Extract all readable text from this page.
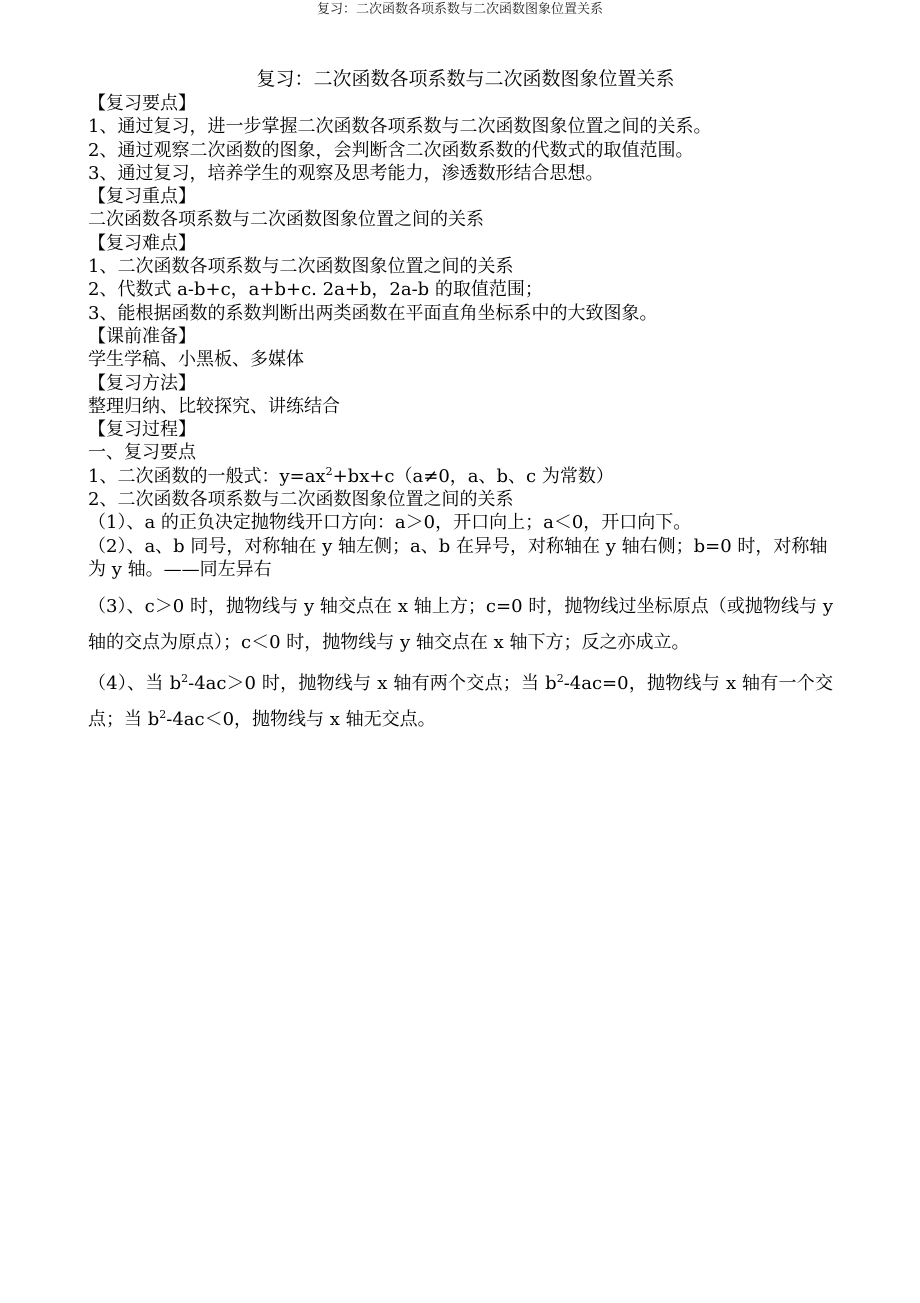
复习：二次函数各项系数与二次函数图象位置关系
复习：二次函数各项系数与二次函数图象位置关系
【复习要点】
1、通过复习，进一步掌握二次函数各项系数与二次函数图象位置之间的关系。
2、通过观察二次函数的图象，会判断含二次函数系数的代数式的取值范围。
3、通过复习，培养学生的观察及思考能力，渗透数形结合思想。
【复习重点】
二次函数各项系数与二次函数图象位置之间的关系
【复习难点】
1、二次函数各项系数与二次函数图象位置之间的关系
2、代数式 a-b+c，a+b+c. 2a+b，2a-b 的取值范围；
3、能根据函数的系数判断出两类函数在平面直角坐标系中的大致图象。
【课前准备】
学生学稿、小黑板、多媒体
【复习方法】
整理归纳、比较探究、讲练结合
【复习过程】
一、复习要点
1、二次函数的一般式：$y=ax^2+bx+c(a\ne 0$，a、b、c 为常数）
2、二次函数各项系数与二次函数图象位置之间的关系
（1）、a 的正负决定抛物线开口方向：a＞0，开口向上；a＜0，开口向下。
（2）、a、b 同号，对称轴在 y 轴左侧；a、b 在异号，对称轴在 y 轴右侧；b=0 时，对称轴为 y 轴。——同左异右
（3）、c＞0 时，抛物线与 y 轴交点在 x 轴上方；c=0 时，抛物线过坐标原点（或抛物线与 y 轴的交点为原点）；c＜0 时，抛物线与 y 轴交点在 x 轴下方；反之亦成立。
（4）、当 $b^2-4ac>0$ 时，抛物线与 x 轴有两个交点；当 $b^2-4ac=0$，抛物线与 x 轴有一个交点；当 $b^2-4ac<0$，抛物线与 x 轴无交点。
